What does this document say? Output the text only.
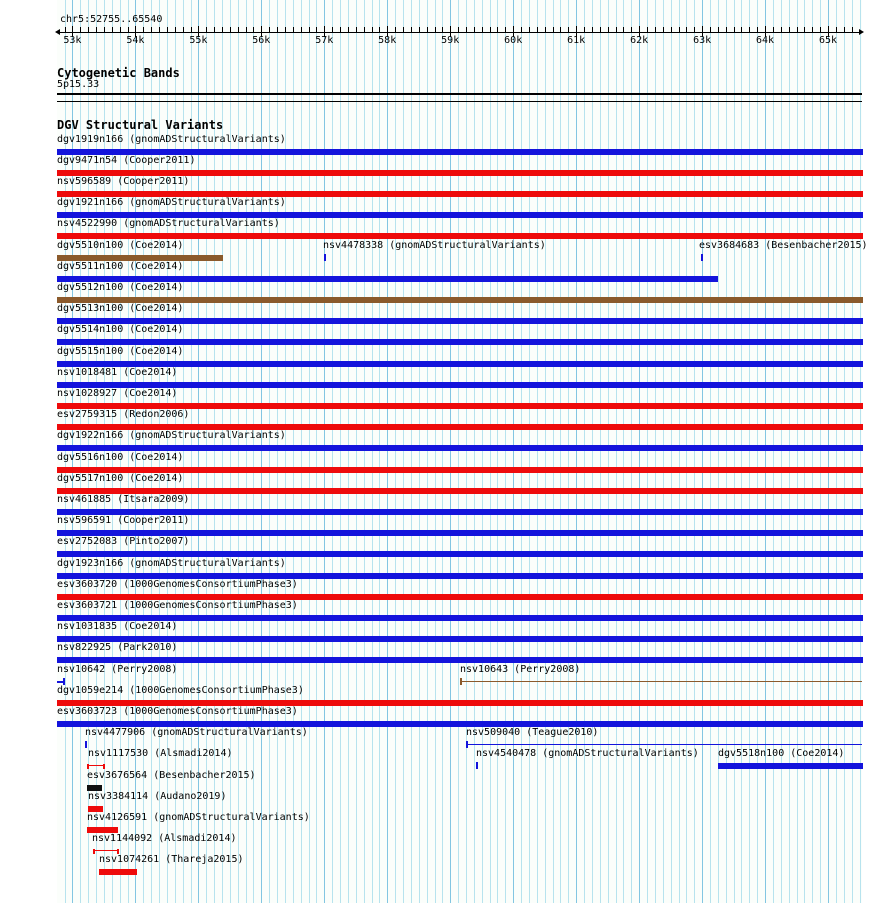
chr5:52755..65540
53k	54k	55k	56k	57k	58k	59k	60k	61k	62k	63k	64k	65k
Cytogenetic Bands
5p15.33
DGV Structural Variants
dgv1919n166 (gnomADStructuralVariants)
dgv9471n54 (Cooper2011)
nsv596589 (Cooper2011)
dgv1921n166 (gnomADStructuralVariants)
nsv4522990 (gnomADStructuralVariants)
dgv5510n100 (Coe2014)	nsv4478338 (gnomADStructuralVariants)	esv3684683 (Besenbacher2015)
dgv5511n100 (Coe2014)
dgv5512n100 (Coe2014)
dgv5513n100 (Coe2014)
dgv5514n100 (Coe2014)
dgv5515n100 (Coe2014)
nsv1018481 (Coe2014)
nsv1028927 (Coe2014)
esv2759315 (Redon2006)
dgv1922n166 (gnomADStructuralVariants)
dgv5516n100 (Coe2014)
dgv5517n100 (Coe2014)
nsv461885 (Itsara2009)
nsv596591 (Cooper2011)
esv2752083 (Pinto2007)
dgv1923n166 (gnomADStructuralVariants)
esv3603720 (1000GenomesConsortiumPhase3)
esv3603721 (1000GenomesConsortiumPhase3)
nsv1031835 (Coe2014)
nsv822925 (Park2010)
nsv10642 (Perry2008)	nsv10643 (Perry2008)
dgv1059e214 (1000GenomesConsortiumPhase3)
esv3603723 (1000GenomesConsortiumPhase3)
nsv4477906 (gnomADStructuralVariants)	nsv509040 (Teague2010)
nsv1117530 (Alsmadi2014)	nsv4540478 (gnomADStructuralVariants) dgv5518n100 (Coe2014)
esv3676564 (Besenbacher2015)
nsv3384114 (Audano2019)
nsv4126591 (gnomADStructuralVariants)
nsv1144092 (Alsmadi2014)
nsv1074261 (Thareja2015)
